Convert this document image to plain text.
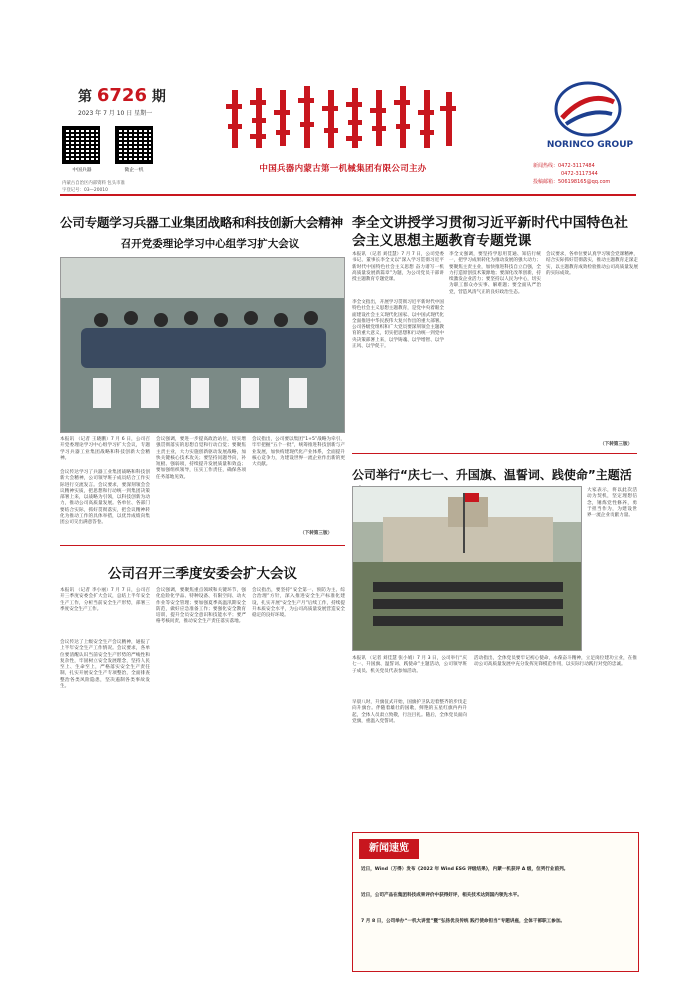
第 6726 期
2023 年 7 月 10 日 星期一
中国兵器	微企一机
内蒙古自治区内部资料 包头市准
字登记号：03—20010
中国兵器内蒙古第一机械集团有限公司主办
NORINCO GROUP
新闻热线：0472-3117484
0472-3117344
投稿邮箱：506198165@qq.com
公司专题学习兵器工业集团战略和科技创新大会精神
召开党委理论学习中心组学习扩大会议
本报讯 （记者 王晓鹏）7 月 6 日，公司召开党委理论学习中心组学习扩大会议，专题学习兵器工业集团战略和科技创新大会精神。
会议传达学习了兵器工业集团战略和科技创新大会精神，公司领导班子成员结合工作实际进行交流发言。会议要求，要深刻领会会议精神实质，把思想和行动统一到集团决策部署上来，以战略为引领，以科技创新为动力，推动公司高质量发展。各单位、各部门要结合实际，抓好贯彻落实，把会议精神转化为推动工作的具体举措，以优异成绩向集团公司交出满意答卷。
会议强调，要进一步提高政治站位，切实增强贯彻落实的思想自觉和行动自觉；要聚焦主责主业，大力实施创新驱动发展战略，加快关键核心技术攻关；要坚持问题导向，补短板、强弱项，持续提升发展质量和效益；要加强组织领导，压实工作责任，确保各项任务落地见效。
会议指出，公司要以集团“1+5”战略为牵引，牢牢把握“五个一批”，统筹推进科技创新与产业发展，加快构建现代化产业体系，全面提升核心竞争力，为建设世界一流企业作出新的更大贡献。
（下转第三版）
公司召开三季度安委会扩大会议
本报讯 （记者 李小丽）7 月 7 日，公司召开三季度安委会扩大会议，总结上半年安全生产工作，分析当前安全生产形势，部署三季度安全生产工作。
会议传达了上级安全生产会议精神，通报了上半年安全生产工作情况。会议要求，各单位要清醒认识当前安全生产形势的严峻性和复杂性，牢固树立安全发展理念，坚持人民至上、生命至上，严格落实安全生产责任制，扎实开展安全生产专项整治，全面排查整治各类风险隐患，坚决遏制各类事故发生。
会议强调，要聚焦重点领域和关键环节，强化危险化学品、特种设备、有限空间、动火作业等安全管理；要加强夏季高温汛期安全防范，做好应急准备工作；要强化安全教育培训，提升全员安全意识和技能水平；要严格考核问责，推动安全生产责任落实落地。
会议指出，要坚持“安全第一、预防为主、综合治理”方针，深入推进安全生产标准化建设，扎实开展“安全生产月”后续工作，持续提升本质安全水平，为公司高质量发展营造安全稳定的良好环境。
李全文讲授学习贯彻习近平新时代中国特色社会主义思想主题教育专题党课
本报讯 （记者 刘佳慧）7 月 7 日，公司党委书记、董事长李全文以“深入学习贯彻习近平新时代中国特色社会主义思想 奋力谱写一机高质量发展新篇章”为题，为公司党员干部讲授主题教育专题党课。
李全文指出，开展学习贯彻习近平新时代中国特色社会主义思想主题教育，是党中央着眼全面建设社会主义现代化国家、以中国式现代化全面推进中华民族伟大复兴作出的重大部署。公司各级党组织和广大党员要深刻领会主题教育的重大意义，切实把思想和行动统一到党中央决策部署上来，以学铸魂、以学增智、以学正风、以学促干。
李全文强调，要坚持学思用贯通、知信行统一，把学习成果转化为推动发展的强大动力；要聚焦主责主业，加快推进科技自立自强，全力打造原创技术策源地；要深化改革创新，持续激发企业活力；要坚持以人民为中心，切实为职工群众办实事、解难题；要全面从严治党，营造风清气正的良好政治生态。
会议要求，各单位要认真学习领会党课精神，结合实际抓好贯彻落实，推动主题教育走深走实，以主题教育成效检验推动公司高质量发展的实际成效。
（下转第三版）
公司举行“庆七一、升国旗、温誓词、践使命”主题活
大家表示，将以此次活动为契机，坚定理想信念，锤炼党性修养，勇于担当作为，为建设世界一流企业贡献力量。
本报讯 （记者 刘佳慧 张小娟）7 月 3 日，公司举行“庆七一、升国旗、温誓词、践使命”主题活动，公司领导班子成员、机关党员代表参加活动。
早晨八时，升旗仪式开始，国旗护卫队迈着整齐的步伐走向升旗台。伴随着雄壮的国歌，鲜艳的五星红旗冉冉升起，全体人员肃立致敬，行注目礼。随后，全体党员面向党旗，重温入党誓词。
活动指出，全体党员要牢记初心使命，永葆奋斗精神，立足岗位建功立业，在推动公司高质量发展中充分发挥先锋模范作用，以实际行动践行对党的忠诚。
新闻速览
近日，Wind（万得）发布《2022 年 Wind ESG 评级结果》，内蒙一机获评 A 级，位列行业前列。
近日，公司产品在集团科技成果评价中获得好评，相关技术达到国内领先水平。
7 月 8 日，公司举办“一机大讲堂”暨“弘扬优良传统 践行使命担当”专题讲座，全体干部职工参加。
